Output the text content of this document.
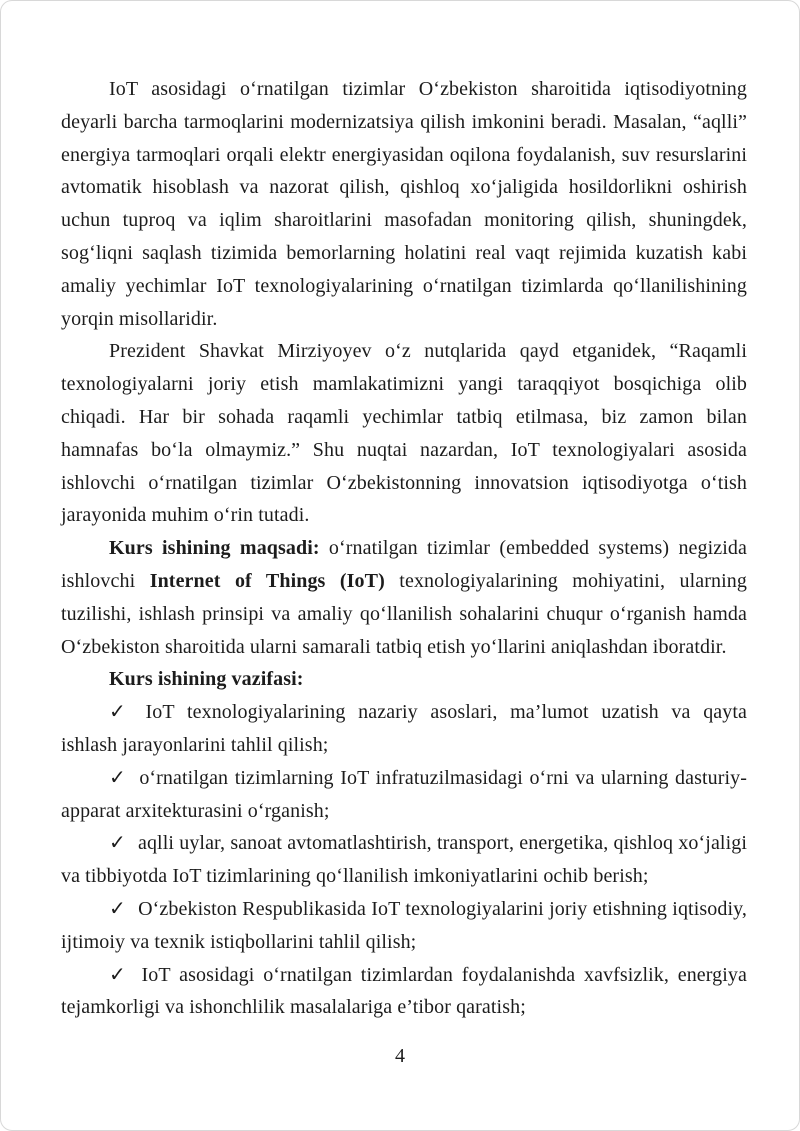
IoT asosidagi o‘rnatilgan tizimlar O‘zbekiston sharoitida iqtisodiyotning deyarli barcha tarmoqlarini modernizatsiya qilish imkonini beradi. Masalan, “aqlli” energiya tarmoqlari orqali elektr energiyasidan oqilona foydalanish, suv resurslarini avtomatik hisoblash va nazorat qilish, qishloq xo‘jaligida hosildorlikni oshirish uchun tuproq va iqlim sharoitlarini masofadan monitoring qilish, shuningdek, sog‘liqni saqlash tizimida bemorlarning holatini real vaqt rejimida kuzatish kabi amaliy yechimlar IoT texnologiyalarining o‘rnatilgan tizimlarda qo‘llanilishining yorqin misollaridir.

Prezident Shavkat Mirziyoyev o‘z nutqlarida qayd etganidek, “Raqamli texnologiyalarni joriy etish mamlakatimizni yangi taraqqiyot bosqichiga olib chiqadi. Har bir sohada raqamli yechimlar tatbiq etilmasa, biz zamon bilan hamnafas bo‘la olmaymiz.” Shu nuqtai nazardan, IoT texnologiyalari asosida ishlovchi o‘rnatilgan tizimlar O‘zbekistonning innovatsion iqtisodiyotga o‘tish jarayonida muhim o‘rin tutadi.

Kurs ishining maqsadi: o‘rnatilgan tizimlar (embedded systems) negizida ishlovchi Internet of Things (IoT) texnologiyalarining mohiyatini, ularning tuzilishi, ishlash prinsipi va amaliy qo‘llanilish sohalarini chuqur o‘rganish hamda O‘zbekiston sharoitida ularni samarali tatbiq etish yo‘llarini aniqlashdan iboratdir.

Kurs ishining vazifasi:

✓ IoT texnologiyalarining nazariy asoslari, ma’lumot uzatish va qayta ishlash jarayonlarini tahlil qilish;

✓ o‘rnatilgan tizimlarning IoT infratuzilmasidagi o‘rni va ularning dasturiy-apparat arxitekturasini o‘rganish;

✓ aqlli uylar, sanoat avtomatlashtirish, transport, energetika, qishloq xo‘jaligi va tibbiyotda IoT tizimlarining qo‘llanilish imkoniyatlarini ochib berish;

✓ O‘zbekiston Respublikasida IoT texnologiyalarini joriy etishning iqtisodiy, ijtimoiy va texnik istiqbollarini tahlil qilish;

✓ IoT asosidagi o‘rnatilgan tizimlardan foydalanishda xavfsizlik, energiya tejamkorligi va ishonchlilik masalalariga e’tibor qaratish;

4
